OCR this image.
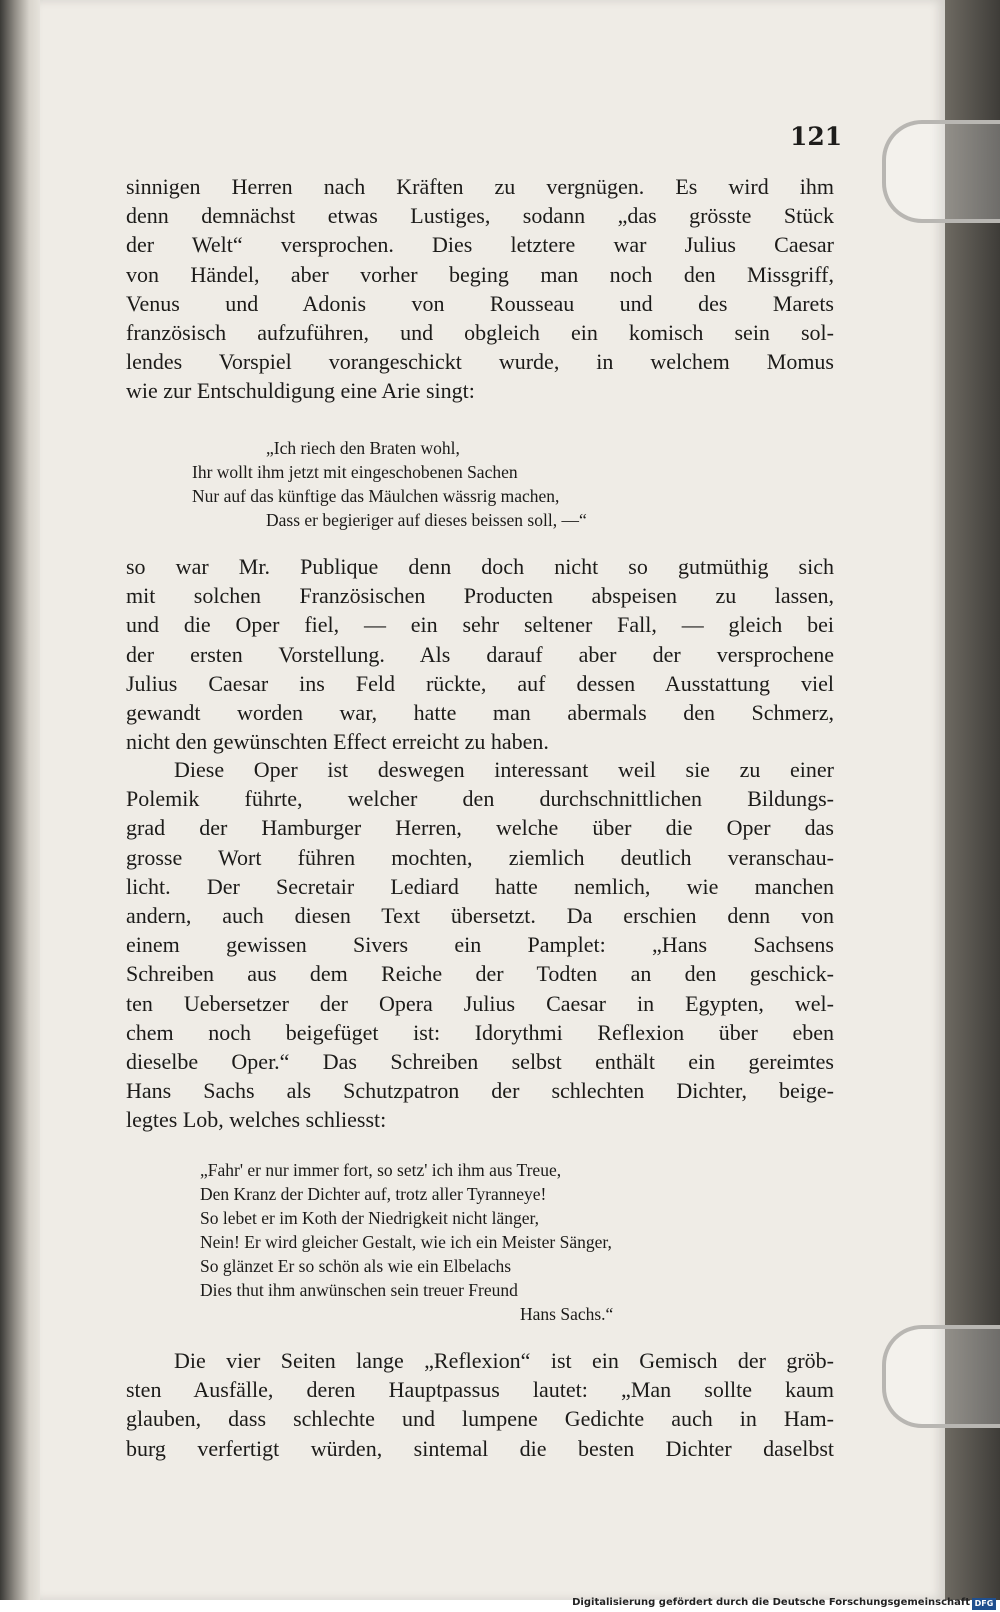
121
sinnigen Herren nach Kräften zu vergnügen. Es wird ihm
denn demnächst etwas Lustiges, sodann „das grösste Stück
der Welt“ versprochen. Dies letztere war Julius Caesar
von Händel, aber vorher beging man noch den Missgriff,
Venus und Adonis von Rousseau und des Marets
französisch aufzuführen, und obgleich ein komisch sein sol-
lendes Vorspiel vorangeschickt wurde, in welchem Momus
wie zur Entschuldigung eine Arie singt:
„Ich riech den Braten wohl,
Ihr wollt ihm jetzt mit eingeschobenen Sachen
Nur auf das künftige das Mäulchen wässrig machen,
Dass er begieriger auf dieses beissen soll, —“
so war Mr. Publique denn doch nicht so gutmüthig sich
mit solchen Französischen Producten abspeisen zu lassen,
und die Oper fiel, — ein sehr seltener Fall, — gleich bei
der ersten Vorstellung. Als darauf aber der versprochene
Julius Caesar ins Feld rückte, auf dessen Ausstattung viel
gewandt worden war, hatte man abermals den Schmerz,
nicht den gewünschten Effect erreicht zu haben.
Diese Oper ist deswegen interessant weil sie zu einer
Polemik führte, welcher den durchschnittlichen Bildungs-
grad der Hamburger Herren, welche über die Oper das
grosse Wort führen mochten, ziemlich deutlich veranschau-
licht. Der Secretair Lediard hatte nemlich, wie manchen
andern, auch diesen Text übersetzt. Da erschien denn von
einem gewissen Sivers ein Pamplet: „Hans Sachsens
Schreiben aus dem Reiche der Todten an den geschick-
ten Uebersetzer der Opera Julius Caesar in Egypten, wel-
chem noch beigefüget ist: Idorythmi Reflexion über eben
dieselbe Oper.“ Das Schreiben selbst enthält ein gereimtes
Hans Sachs als Schutzpatron der schlechten Dichter, beige-
legtes Lob, welches schliesst:
„Fahr' er nur immer fort, so setz' ich ihm aus Treue,
Den Kranz der Dichter auf, trotz aller Tyranneye!
So lebet er im Koth der Niedrigkeit nicht länger,
Nein! Er wird gleicher Gestalt, wie ich ein Meister Sänger,
So glänzet Er so schön als wie ein Elbelachs
Dies thut ihm anwünschen sein treuer Freund
Hans Sachs.“
Die vier Seiten lange „Reflexion“ ist ein Gemisch der gröb-
sten Ausfälle, deren Hauptpassus lautet: „Man sollte kaum
glauben, dass schlechte und lumpene Gedichte auch in Ham-
burg verfertigt würden, sintemal die besten Dichter daselbst
Digitalisierung gefördert durch die Deutsche Forschungsgemeinschaft DFG
